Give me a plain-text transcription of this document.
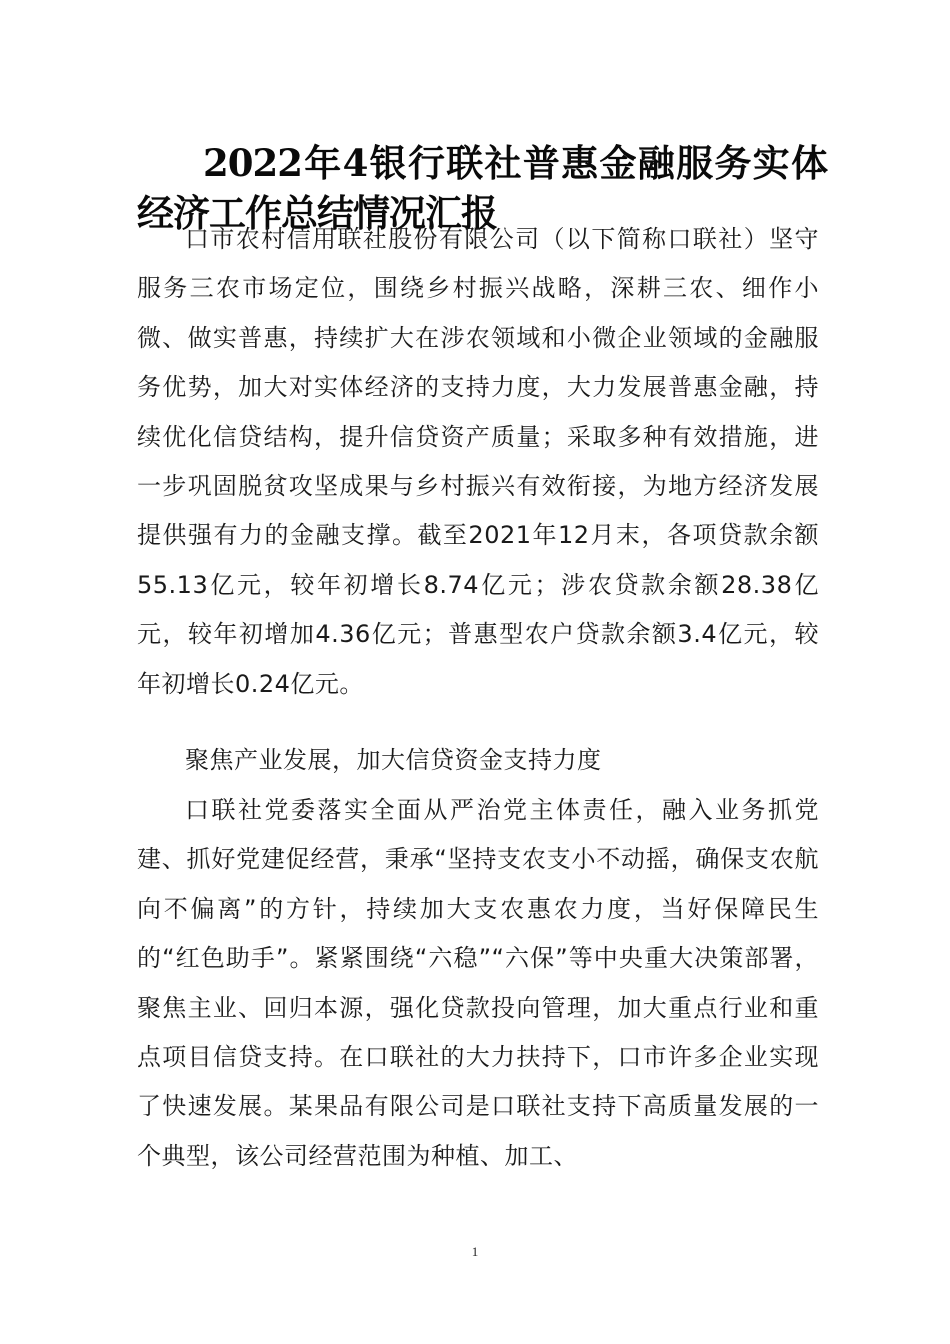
2022年4银行联社普惠金融服务实体经济工作总结情况汇报

口市农村信用联社股份有限公司（以下简称口联社）坚守服务三农市场定位，围绕乡村振兴战略，深耕三农、细作小微、做实普惠，持续扩大在涉农领域和小微企业领域的金融服务优势，加大对实体经济的支持力度，大力发展普惠金融，持续优化信贷结构，提升信贷资产质量；采取多种有效措施，进一步巩固脱贫攻坚成果与乡村振兴有效衔接，为地方经济发展提供强有力的金融支撑。截至2021年12月末，各项贷款余额55.13亿元，较年初增长8.74亿元；涉农贷款余额28.38亿元，较年初增加4.36亿元；普惠型农户贷款余额3.4亿元，较年初增长0.24亿元。

聚焦产业发展，加大信贷资金支持力度

口联社党委落实全面从严治党主体责任，融入业务抓党建、抓好党建促经营，秉承“坚持支农支小不动摇，确保支农航向不偏离”的方针，持续加大支农惠农力度，当好保障民生的“红色助手”。紧紧围绕“六稳”“六保”等中央重大决策部署，聚焦主业、回归本源，强化贷款投向管理，加大重点行业和重点项目信贷支持。在口联社的大力扶持下，口市许多企业实现了快速发展。某果品有限公司是口联社支持下高质量发展的一个典型，该公司经营范围为种植、加工、

1
